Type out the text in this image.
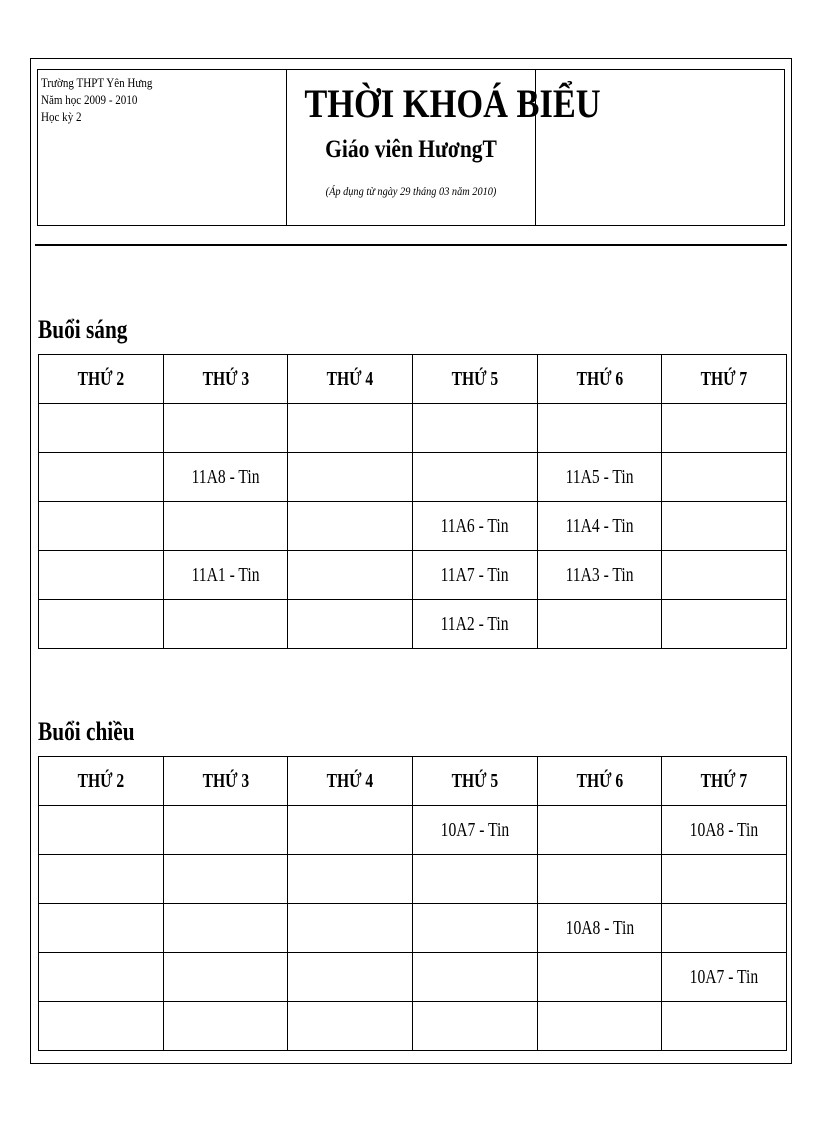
Trường THPT Yên Hưng
Năm học 2009 - 2010
Học kỳ 2	THỜI KHOÁ BIỂU
Giáo viên HươngT
(Áp dụng từ ngày 29 tháng 03 năm 2010)
Buổi sáng
THỨ 2	THỨ 3	THỨ 4	THỨ 5	THỨ 6	THỨ 7

	11A8 - Tin			11A5 - Tin	
			11A6 - Tin	11A4 - Tin	
	11A1 - Tin		11A7 - Tin	11A3 - Tin	
			11A2 - Tin		
Buổi chiều
THỨ 2	THỨ 3	THỨ 4	THỨ 5	THỨ 6	THỨ 7
			10A7 - Tin		10A8 - Tin

				10A8 - Tin	
					10A7 - Tin
